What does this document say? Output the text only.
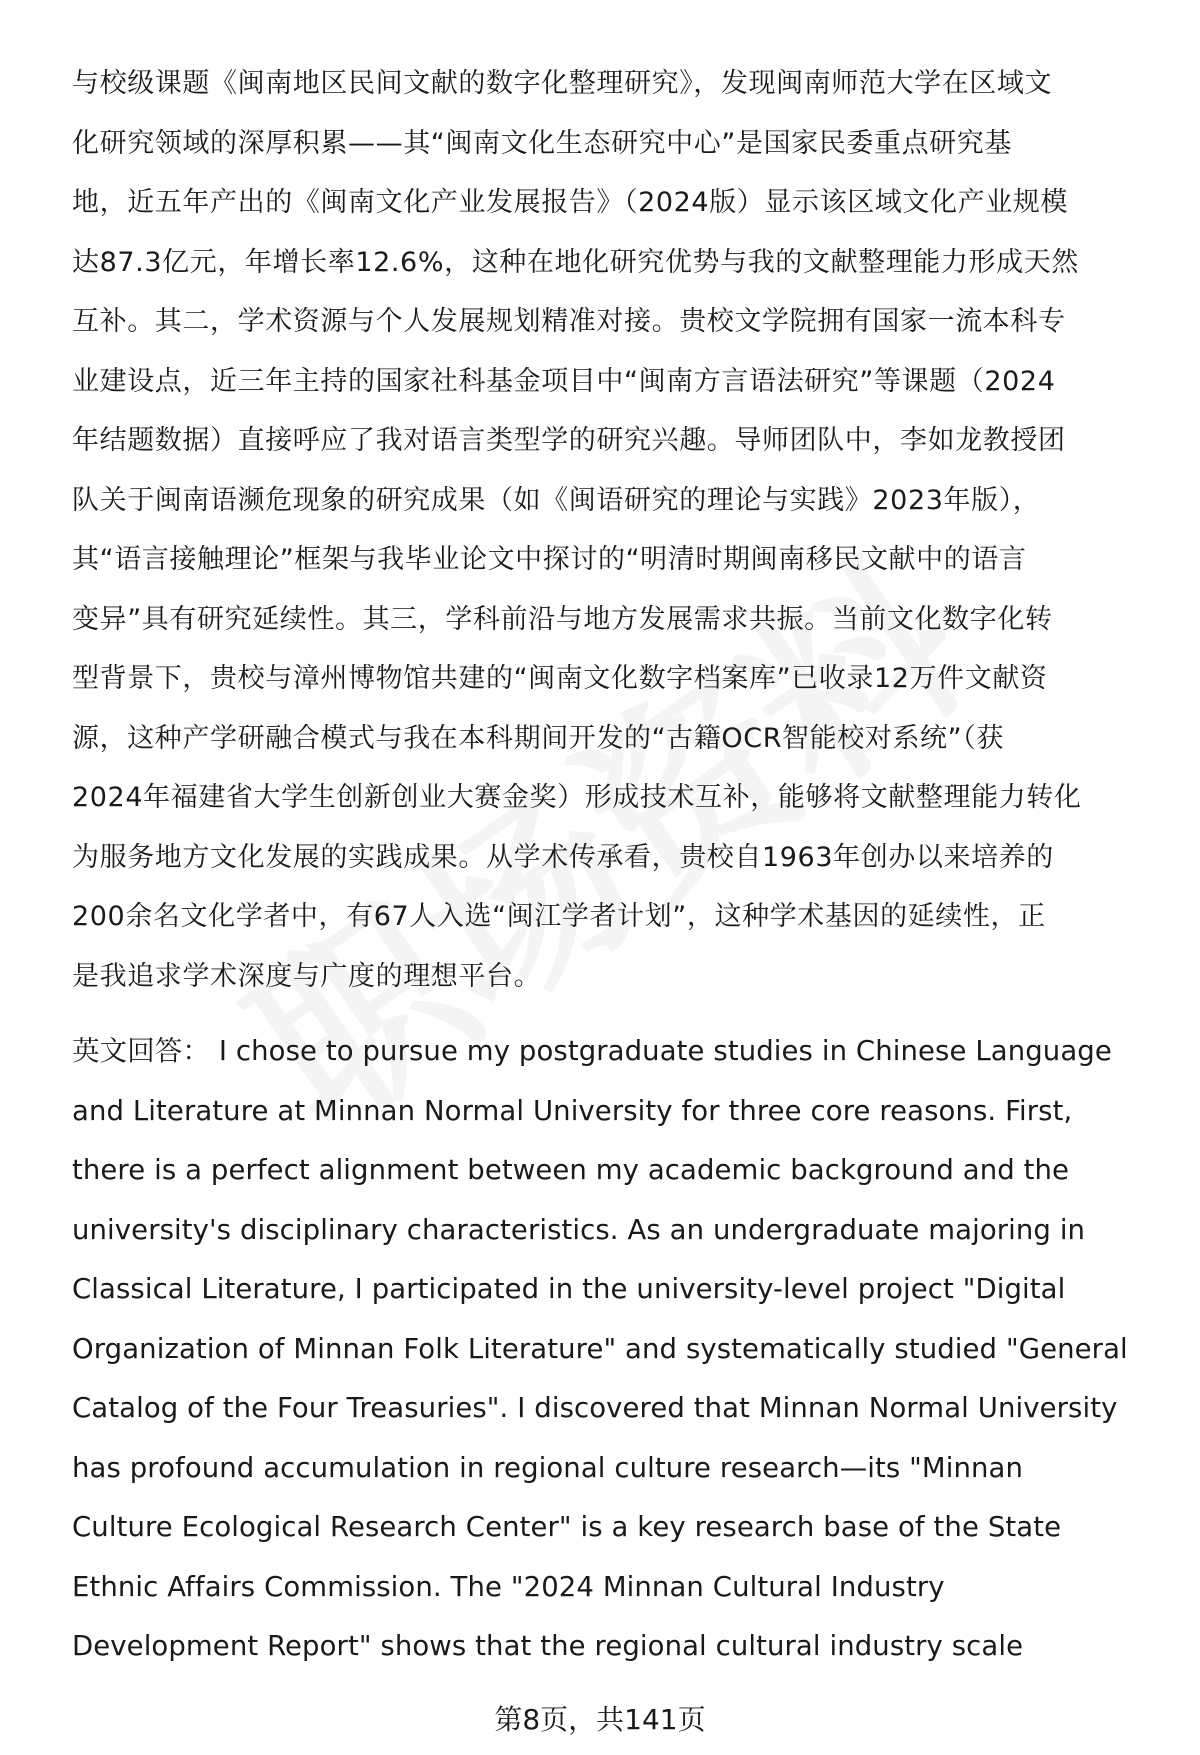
与校级课题《闽南地区民间文献的数字化整理研究》，发现闽南师范大学在区域文
化研究领域的深厚积累——其“闽南文化生态研究中心”是国家民委重点研究基
地，近五年产出的《闽南文化产业发展报告》（2024版）显示该区域文化产业规模
达87.3亿元，年增长率12.6%，这种在地化研究优势与我的文献整理能力形成天然
互补。其二，学术资源与个人发展规划精准对接。贵校文学院拥有国家一流本科专
业建设点，近三年主持的国家社科基金项目中“闽南方言语法研究”等课题（2024
年结题数据）直接呼应了我对语言类型学的研究兴趣。导师团队中，李如龙教授团
队关于闽南语濒危现象的研究成果（如《闽语研究的理论与实践》2023年版），
其“语言接触理论”框架与我毕业论文中探讨的“明清时期闽南移民文献中的语言
变异”具有研究延续性。其三，学科前沿与地方发展需求共振。当前文化数字化转
型背景下，贵校与漳州博物馆共建的“闽南文化数字档案库”已收录12万件文献资
源，这种产学研融合模式与我在本科期间开发的“古籍OCR智能校对系统”（获
2024年福建省大学生创新创业大赛金奖）形成技术互补，能够将文献整理能力转化
为服务地方文化发展的实践成果。从学术传承看，贵校自1963年创办以来培养的
200余名文化学者中，有67人入选“闽江学者计划”，这种学术基因的延续性，正
是我追求学术深度与广度的理想平台。
英文回答： I chose to pursue my postgraduate studies in Chinese Language
and Literature at Minnan Normal University for three core reasons. First,
there is a perfect alignment between my academic background and the
university's disciplinary characteristics. As an undergraduate majoring in
Classical Literature, I participated in the university-level project "Digital
Organization of Minnan Folk Literature" and systematically studied "General
Catalog of the Four Treasuries". I discovered that Minnan Normal University
has profound accumulation in regional culture research—its "Minnan
Culture Ecological Research Center" is a key research base of the State
Ethnic Affairs Commission. The "2024 Minnan Cultural Industry
Development Report" shows that the regional cultural industry scale
第8页，共141页
